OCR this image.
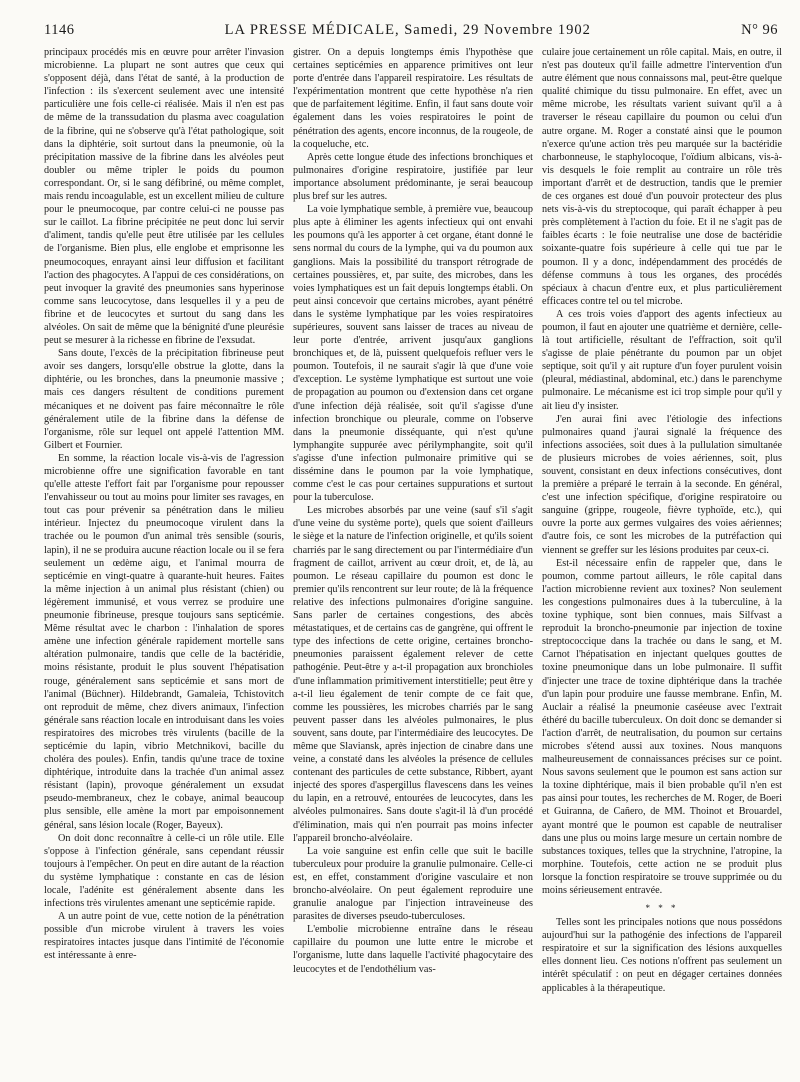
1146	LA PRESSE MÉDICALE, Samedi, 29 Novembre 1902	N° 96

principaux procédés mis en œuvre pour arrêter l'invasion microbienne. La plupart ne sont autres que ceux qui s'opposent déjà, dans l'état de santé, à la production de l'infection : ils s'exercent seulement avec une intensité particulière une fois celle-ci réalisée. Mais il n'en est pas de même de la transsudation du plasma avec coagulation de la fibrine, qui ne s'observe qu'à l'état pathologique, soit dans la diphtérie, soit surtout dans la pneumonie, où la précipitation massive de la fibrine dans les alvéoles peut doubler ou même tripler le poids du poumon correspondant. Or, si le sang défibriné, ou même complet, mais rendu incoagulable, est un excellent milieu de culture pour le pneumocoque, par contre celui-ci ne pousse pas sur le caillot. La fibrine précipitée ne peut donc lui servir d'aliment, tandis qu'elle peut être utilisée par les cellules de l'organisme. Bien plus, elle englobe et emprisonne les pneumocoques, enrayant ainsi leur diffusion et facilitant l'action des phagocytes. A l'appui de ces considérations, on peut invoquer la gravité des pneumonies sans hyperinose comme sans leucocytose, dans lesquelles il y a peu de fibrine et de leucocytes et surtout du sang dans les alvéoles. On sait de même que la bénignité d'une pleurésie peut se mesurer à la richesse en fibrine de l'exsudat.

Sans doute, l'excès de la précipitation fibrineuse peut avoir ses dangers, lorsqu'elle obstrue la glotte, dans la diphtérie, ou les bronches, dans la pneumonie massive ; mais ces dangers résultent de conditions purement mécaniques et ne doivent pas faire méconnaître le rôle généralement utile de la fibrine dans la défense de l'organisme, rôle sur lequel ont appelé l'attention MM. Gilbert et Fournier.

En somme, la réaction locale vis-à-vis de l'agression microbienne offre une signification favorable en tant qu'elle atteste l'effort fait par l'organisme pour repousser l'envahisseur ou tout au moins pour limiter ses ravages, en tout cas pour prévenir sa pénétration dans le milieu intérieur. Injectez du pneumocoque virulent dans la trachée ou le poumon d'un animal très sensible (souris, lapin), il ne se produira aucune réaction locale ou il se fera seulement un œdème aigu, et l'animal mourra de septicémie en vingt-quatre à quarante-huit heures. Faites la même injection à un animal plus résistant (chien) ou légèrement immunisé, et vous verrez se produire une pneumonie fibrineuse, presque toujours sans septicémie. Même résultat avec le charbon : l'inhalation de spores amène une infection générale rapidement mortelle sans altération pulmonaire, tandis que celle de la bactéridie, moins résistante, produit le plus souvent l'hépatisation rouge, généralement sans septicémie et sans mort de l'animal (Büchner). Hildebrandt, Gamaleia, Tchistovitch ont reproduit de même, chez divers animaux, l'infection générale sans réaction locale en introduisant dans les voies respiratoires des microbes très virulents (bacille de la septicémie du lapin, vibrio Metchnikovi, bacille du choléra des poules). Enfin, tandis qu'une trace de toxine diphtérique, introduite dans la trachée d'un animal assez résistant (lapin), provoque généralement un exsudat pseudo-membraneux, chez le cobaye, animal beaucoup plus sensible, elle amène la mort par empoisonnement général, sans lésion locale (Roger, Bayeux).

On doit donc reconnaître à celle-ci un rôle utile. Elle s'oppose à l'infection générale, sans cependant réussir toujours à l'empêcher. On peut en dire autant de la réaction du système lymphatique : constante en cas de lésion locale, l'adénite est généralement absente dans les infections très virulentes amenant une septicémie rapide.

A un autre point de vue, cette notion de la pénétration possible d'un microbe virulent à travers les voies respiratoires intactes jusque dans l'intimité de l'économie est intéressante à enre-

gistrer. On a depuis longtemps émis l'hypothèse que certaines septicémies en apparence primitives ont leur porte d'entrée dans l'appareil respiratoire. Les résultats de l'expérimentation montrent que cette hypothèse n'a rien que de parfaitement légitime. Enfin, il faut sans doute voir également dans les voies respiratoires le point de pénétration des agents, encore inconnus, de la rougeole, de la coqueluche, etc.

Après cette longue étude des infections bronchiques et pulmonaires d'origine respiratoire, justifiée par leur importance absolument prédominante, je serai beaucoup plus bref sur les autres.

La voie lymphatique semble, à première vue, beaucoup plus apte à éliminer les agents infectieux qui ont envahi les poumons qu'à les apporter à cet organe, étant donné le sens normal du cours de la lymphe, qui va du poumon aux ganglions. Mais la possibilité du transport rétrograde de certaines poussières, et, par suite, des microbes, dans les voies lymphatiques est un fait depuis longtemps établi. On peut ainsi concevoir que certains microbes, ayant pénétré dans le système lymphatique par les voies respiratoires supérieures, souvent sans laisser de traces au niveau de leur porte d'entrée, arrivent jusqu'aux ganglions bronchiques et, de là, puissent quelquefois refluer vers le poumon. Toutefois, il ne saurait s'agir là que d'une voie d'exception. Le système lymphatique est surtout une voie de propagation au poumon ou d'extension dans cet organe d'une infection déjà réalisée, soit qu'il s'agisse d'une infection bronchique ou pleurale, comme on l'observe dans la pneumonie disséquante, qui n'est qu'une lymphangite suppurée avec périlymphangite, soit qu'il s'agisse d'une infection pulmonaire primitive qui se dissémine dans le poumon par la voie lymphatique, comme c'est le cas pour certaines suppurations et surtout pour la tuberculose.

Les microbes absorbés par une veine (sauf s'il s'agit d'une veine du système porte), quels que soient d'ailleurs le siège et la nature de l'infection originelle, et qu'ils soient charriés par le sang directement ou par l'intermédiaire d'un fragment de caillot, arrivent au cœur droit, et, de là, au poumon. Le réseau capillaire du poumon est donc le premier qu'ils rencontrent sur leur route; de là la fréquence relative des infections pulmonaires d'origine sanguine. Sans parler de certaines congestions, des abcès métastatiques, et de certains cas de gangrène, qui offrent le type des infections de cette origine, certaines broncho-pneumonies paraissent également relever de cette pathogénie. Peut-être y a-t-il propagation aux bronchioles d'une inflammation primitivement interstitielle; peut être y a-t-il lieu également de tenir compte de ce fait que, comme les poussières, les microbes charriés par le sang peuvent passer dans les alvéoles pulmonaires, le plus souvent, sans doute, par l'intermédiaire des leucocytes. De même que Slaviansk, après injection de cinabre dans une veine, a constaté dans les alvéoles la présence de cellules contenant des particules de cette substance, Ribbert, ayant injecté des spores d'aspergillus flavescens dans les veines du lapin, en a retrouvé, entourées de leucocytes, dans les alvéoles pulmonaires. Sans doute s'agit-il là d'un procédé d'élimination, mais qui n'en pourrait pas moins infecter l'appareil broncho-alvéolaire.

La voie sanguine est enfin celle que suit le bacille tuberculeux pour produire la granulie pulmonaire. Celle-ci est, en effet, constamment d'origine vasculaire et non broncho-alvéolaire. On peut également reproduire une granulie analogue par l'injection intraveineuse des parasites de diverses pseudo-tuberculoses.

L'embolie microbienne entraîne dans le réseau capillaire du poumon une lutte entre le microbe et l'organisme, lutte dans laquelle l'activité phagocytaire des leucocytes et de l'endothélium vas-

culaire joue certainement un rôle capital. Mais, en outre, il n'est pas douteux qu'il faille admettre l'intervention d'un autre élément que nous connaissons mal, peut-être quelque qualité chimique du tissu pulmonaire. En effet, avec un même microbe, les résultats varient suivant qu'il a à traverser le réseau capillaire du poumon ou celui d'un autre organe. M. Roger a constaté ainsi que le poumon n'exerce qu'une action très peu marquée sur la bactéridie charbonneuse, le staphylocoque, l'oïdium albicans, vis-à-vis desquels le foie remplit au contraire un rôle très important d'arrêt et de destruction, tandis que le premier de ces organes est doué d'un pouvoir protecteur des plus nets vis-à-vis du streptocoque, qui paraît échapper à peu près complètement à l'action du foie. Et il ne s'agit pas de faibles écarts : le foie neutralise une dose de bactéridie soixante-quatre fois supérieure à celle qui tue par le poumon. Il y a donc, indépendamment des procédés de défense communs à tous les organes, des procédés spéciaux à chacun d'entre eux, et plus particulièrement efficaces contre tel ou tel microbe.

A ces trois voies d'apport des agents infectieux au poumon, il faut en ajouter une quatrième et dernière, celle-là tout artificielle, résultant de l'effraction, soit qu'il s'agisse de plaie pénétrante du poumon par un objet septique, soit qu'il y ait rupture d'un foyer purulent voisin (pleural, médiastinal, abdominal, etc.) dans le parenchyme pulmonaire. Le mécanisme est ici trop simple pour qu'il y ait lieu d'y insister.

J'en aurai fini avec l'étiologie des infections pulmonaires quand j'aurai signalé la fréquence des infections associées, soit dues à la pullulation simultanée de plusieurs microbes de voies aériennes, soit, plus souvent, consistant en deux infections consécutives, dont la première a préparé le terrain à la seconde. En général, c'est une infection spécifique, d'origine respiratoire ou sanguine (grippe, rougeole, fièvre typhoïde, etc.), qui ouvre la porte aux germes vulgaires des voies aériennes; d'autre fois, ce sont les microbes de la putréfaction qui viennent se greffer sur les lésions produites par ceux-ci.

Est-il nécessaire enfin de rappeler que, dans le poumon, comme partout ailleurs, le rôle capital dans l'action microbienne revient aux toxines? Non seulement les congestions pulmonaires dues à la tuberculine, à la toxine typhique, sont bien connues, mais Silfvast a reproduit la broncho-pneumonie par injection de toxine streptococcique dans la trachée ou dans le sang, et M. Carnot l'hépatisation en injectant quelques gouttes de toxine pneumonique dans un lobe pulmonaire. Il suffit d'injecter une trace de toxine diphtérique dans la trachée d'un lapin pour produire une fausse membrane. Enfin, M. Auclair a réalisé la pneumonie caséeuse avec l'extrait éthéré du bacille tuberculeux. On doit donc se demander si l'action d'arrêt, de neutralisation, du poumon sur certains microbes s'étend aussi aux toxines. Nous manquons malheureusement de connaissances précises sur ce point. Nous savons seulement que le poumon est sans action sur la toxine diphtérique, mais il bien probable qu'il n'en est pas ainsi pour toutes, les recherches de M. Roger, de Boeri et Guiranna, de Cañero, de MM. Thoinot et Brouardel, ayant montré que le poumon est capable de neutraliser dans une plus ou moins large mesure un certain nombre de substances toxiques, telles que la strychnine, l'atropine, la morphine. Toutefois, cette action ne se produit plus lorsque la fonction respiratoire se trouve supprimée ou du moins sérieusement entravée.

* * *

Telles sont les principales notions que nous possédons aujourd'hui sur la pathogénie des infections de l'appareil respiratoire et sur la signification des lésions auxquelles elles donnent lieu. Ces notions n'offrent pas seulement un intérêt spéculatif : on peut en dégager certaines données applicables à la thérapeutique.
